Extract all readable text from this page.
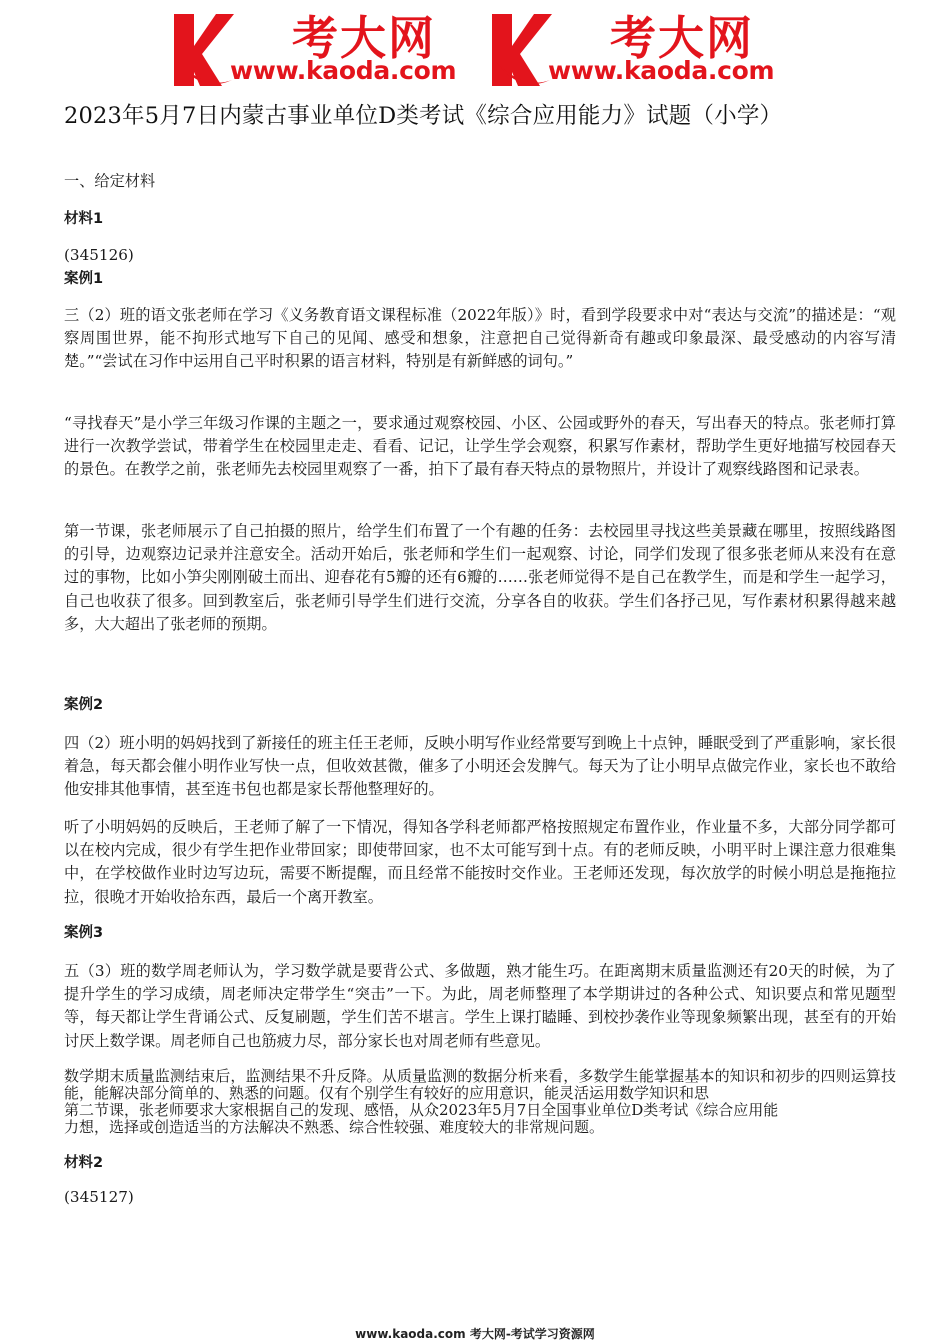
考大网
www.kaoda.com
考大网
www.kaoda.com
2023年5月7日内蒙古事业单位D类考试《综合应用能力》试题（小学）
一、给定材料
材料1
(345126)
案例1
三（2）班的语文张老师在学习《义务教育语文课程标准（2022年版）》时，看到学段要求中对“表达与交流”的描述是：“观察周围世界，能不拘形式地写下自己的见闻、感受和想象，注意把自己觉得新奇有趣或印象最深、最受感动的内容写清楚。”“尝试在习作中运用自己平时积累的语言材料，特别是有新鲜感的词句。”
“寻找春天”是小学三年级习作课的主题之一，要求通过观察校园、小区、公园或野外的春天，写出春天的特点。张老师打算进行一次教学尝试，带着学生在校园里走走、看看、记记，让学生学会观察，积累写作素材，帮助学生更好地描写校园春天的景色。在教学之前，张老师先去校园里观察了一番，拍下了最有春天特点的景物照片，并设计了观察线路图和记录表。
第一节课，张老师展示了自己拍摄的照片，给学生们布置了一个有趣的任务：去校园里寻找这些美景藏在哪里，按照线路图的引导，边观察边记录并注意安全。活动开始后，张老师和学生们一起观察、讨论，同学们发现了很多张老师从来没有在意过的事物，比如小笋尖刚刚破土而出、迎春花有5瓣的还有6瓣的……张老师觉得不是自己在教学生，而是和学生一起学习，自己也收获了很多。回到教室后，张老师引导学生们进行交流，分享各自的收获。学生们各抒己见，写作素材积累得越来越多，大大超出了张老师的预期。
案例2
四（2）班小明的妈妈找到了新接任的班主任王老师，反映小明写作业经常要写到晚上十点钟，睡眠受到了严重影响，家长很着急，每天都会催小明作业写快一点，但收效甚微，催多了小明还会发脾气。每天为了让小明早点做完作业，家长也不敢给他安排其他事情，甚至连书包也都是家长帮他整理好的。
听了小明妈妈的反映后，王老师了解了一下情况，得知各学科老师都严格按照规定布置作业，作业量不多，大部分同学都可以在校内完成，很少有学生把作业带回家；即使带回家，也不太可能写到十点。有的老师反映，小明平时上课注意力很难集中，在学校做作业时边写边玩，需要不断提醒，而且经常不能按时交作业。王老师还发现，每次放学的时候小明总是拖拖拉拉，很晚才开始收拾东西，最后一个离开教室。
案例3
五（3）班的数学周老师认为，学习数学就是要背公式、多做题，熟才能生巧。在距离期末质量监测还有20天的时候，为了提升学生的学习成绩，周老师决定带学生“突击”一下。为此，周老师整理了本学期讲过的各种公式、知识要点和常见题型等，每天都让学生背诵公式、反复刷题，学生们苦不堪言。学生上课打瞌睡、到校抄袭作业等现象频繁出现，甚至有的开始讨厌上数学课。周老师自己也筋疲力尽，部分家长也对周老师有些意见。
数学期末质量监测结束后，监测结果不升反降。从质量监测的数据分析来看，多数学生能掌握基本的知识和初步的四则运算技能，能解决部分简单的、熟悉的问题。仅有个别学生有较好的应用意识，能灵活运用数学知识和思
第二节课，张老师要求大家根据自己的发现、感悟，从众2023年5月7日全国事业单位D类考试《综合应用能
力想，选择或创造适当的方法解决不熟悉、综合性较强、难度较大的非常规问题。
材料2
(345127)
www.kaoda.com 考大网-考试学习资源网
